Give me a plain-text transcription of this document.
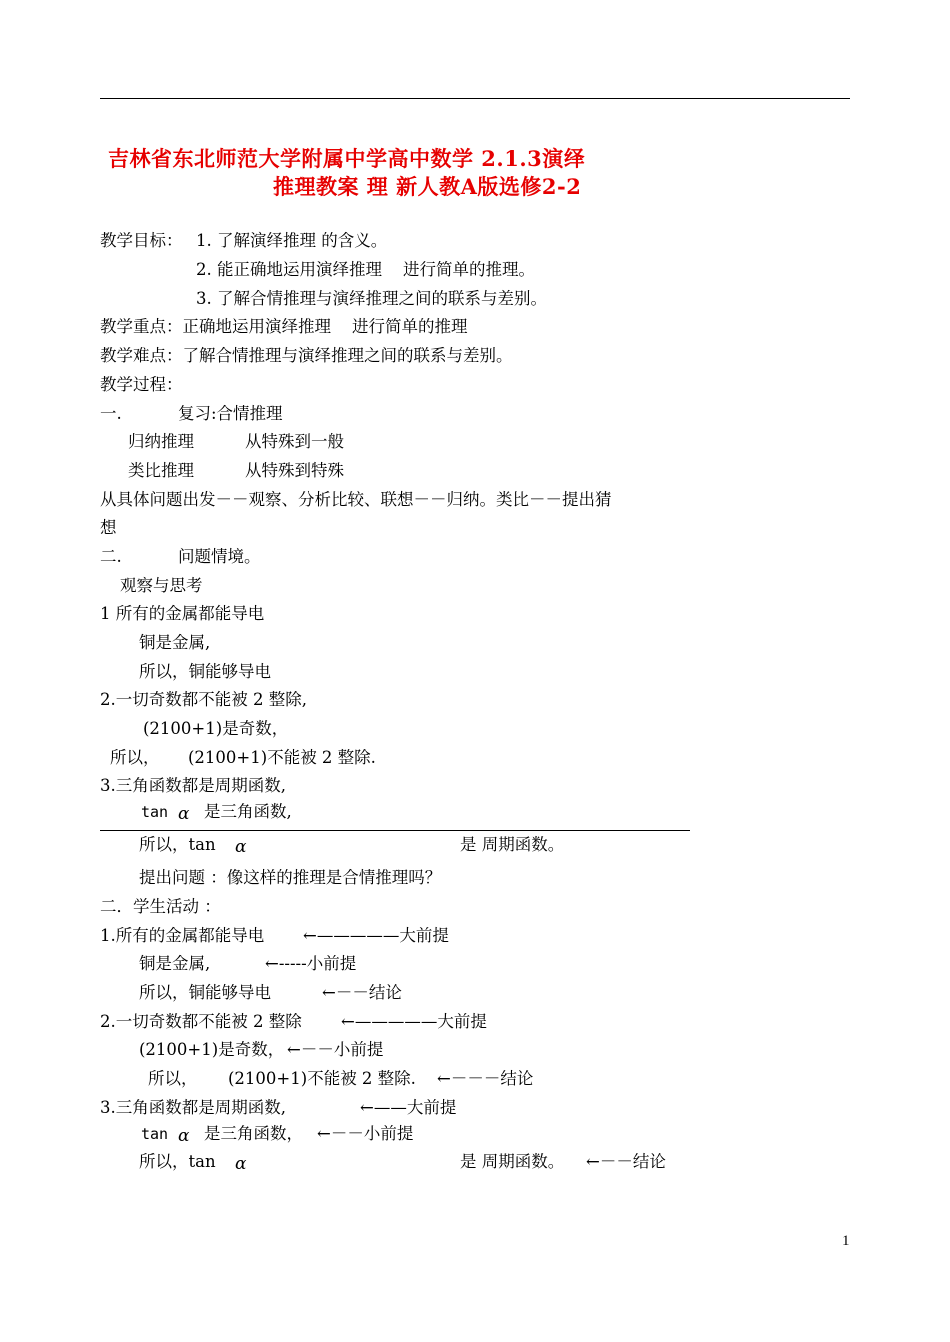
吉林省东北师范大学附属中学高中数学 2.1.3演绎
推理教案 理 新人教A版选修2-2
教学目标： 1. 了解演绎推理 的含义。
2. 能正确地运用演绎推理    进行简单的推理。
3. 了解合情推理与演绎推理之间的联系与差别。
教学重点：正确地运用演绎推理    进行简单的推理
教学难点：了解合情推理与演绎推理之间的联系与差别。
教学过程：
一.	复习:合情推理
归纳推理	从特殊到一般
类比推理	从特殊到特殊
从具体问题出发－－观察、分析比较、联想－－归纳。类比－－提出猜
想
二.	问题情境。
观察与思考
1 所有的金属都能导电
铜是金属,
所以，铜能够导电
2.一切奇数都不能被 2 整除,
(2100+1)是奇数，
所以， (2100+1)不能被 2 整除.
3.三角函数都是周期函数,
tan α 是三角函数,
所以，tan α	是 周期函数。
提出问题 ：像这样的推理是合情推理吗？
二．学生活动 ：
1.所有的金属都能导电 ←—————大前提
铜是金属,	←-----小前提
所以，铜能够导电	←－－结论
2.一切奇数都不能被 2 整除 ←—————大前提
(2100+1)是奇数， ←－－小前提
所以， (2100+1)不能被 2 整除. ←－－－结论
3.三角函数都是周期函数,	←——大前提
tan α 是三角函数， ←－－小前提
所以，tan α	是 周期函数。 ←－－结论
1
